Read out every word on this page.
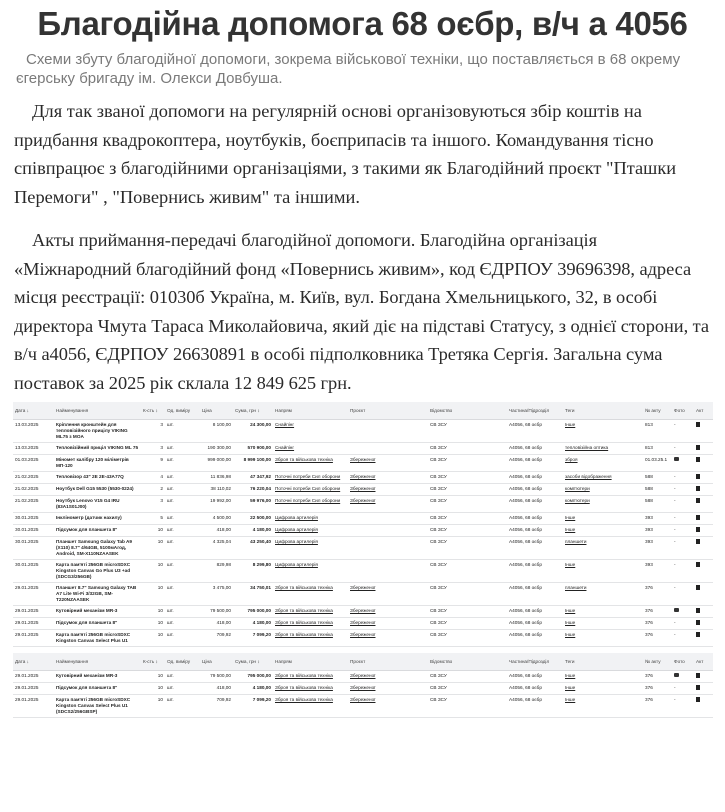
Благодійна допомога 68 оєбр, в/ч а 4056
Схеми збуту благодійної допомоги, зокрема військової техніки, що поставляється в 68 окрему єгерську бригаду ім. Олекси Довбуша.

Для так званої допомоги на регулярній основі організовуються збір коштів на придбання квадрокоптера, ноутбуків, боєприпасів та іншого. Командування тісно співпрацює з благодійними організаціями, з такими як Благодійний проєкт "Пташки Перемоги" , "Повернись живим" та іншими.

Акты приймання-передачі благодійної допомоги. Благодійна організація «Міжнародний благодійний фонд «Повернись живим», код ЄДРПОУ 39696398, адреса місця реєстрації: 01030б Україна, м. Київ, вул. Богдана Хмельницького, 32, в особі директора Чмута Тараса Миколайовича, який діє на підставі Статусу, з однієї сторони, та в/ч а4056, ЄДРПОУ 26630891 в особі підполковника Третяка Сергія. Загальна сума поставок за 2025 рік склала 12 849 625 грн.

Дата ↓	Найменування	К-сть ↕	Од. виміру	Ціна	Сума, грн ↕	Напрям	Проєкт	Відомство	Частина/Підрозділ	Теги	№ акту	Фото	Акт
13.03.2025	Кріплення кронштейн для тепловізійного прицілу VIKING ML75 з MOA	3	шт.	8 100,00	24 300,00	Снайпінг		СВ ЗСУ	А4056, 68 оєбр	Інше	813	-	
13.03.2025	Тепловізійний приціл VIKING ML 75	3	шт.	190 300,00	570 900,00	Снайпінг		СВ ЗСУ	А4056, 68 оєбр	тепловізійна оптика	813	-	
01.03.2025	Міномет калібру 120 міліметрів МП-120	9	шт.	999 000,00	8 999 100,00	Зброя та військова техніка	Збереженої	СВ ЗСУ	А4056, 68 оєбр	зброя	01.03.25.1		
21.02.2025	Тепловізор 43" 2Е 2Е-43А77Q	4	шт.	11 836,98	47 347,92	Поточні потреби Сил оборони	Збереженої	СВ ЗСУ	А4056, 68 оєбр	засоби відображення	588	-	
21.02.2025	Ноутбук Dell G15 5530 (5530-0224)	2	шт.	38 110,02	76 220,04	Поточні потреби Сил оборони	Збереженої	СВ ЗСУ	А4056, 68 оєбр	комп'ютери	588	-	
21.02.2025	Ноутбук Lenovo V15 G4 IRU (83A1S01J00)	3	шт.	19 992,00	59 976,00	Поточні потреби Сил оборони	Збереженої	СВ ЗСУ	А4056, 68 оєбр	комп'ютери	588	-	
30.01.2025	Інклінометр (датчик нахилу)	5	шт.	4 500,00	22 500,00	Цифрова артилерія		СВ ЗСУ	А4056, 68 оєбр	Інше	393	-	
30.01.2025	Підсумок для планшета 8"	10	шт.	418,00	4 180,00	Цифрова артилерія		СВ ЗСУ	А4056, 68 оєбр	Інше	393	-	
30.01.2025	Планшет Samsung Galaxy Tab A9 (X110) 8.7" 4/64GB, 5100мАгод, Android, SM-X110NZAASEK	10	шт.	4 325,04	43 250,40	Цифрова артилерія		СВ ЗСУ	А4056, 68 оєбр	планшети	393	-	
30.01.2025	Карта пам'яті 256GB microSDXC Kingston Canvas Go Plus U3 +ad (SDCG3/256GB)	10	шт.	829,98	8 299,80	Цифрова артилерія		СВ ЗСУ	А4056, 68 оєбр	Інше	393	-	
29.01.2025	Планшет 8.7" Samsung Galaxy TAB A7 Lite Wi-Fi 3/32GB, SM-T220NZAASEK	10	шт.	3 475,00	34 750,01	Зброя та військова техніка	Збереженої	СВ ЗСУ	А4056, 68 оєбр	планшети	376	-	
29.01.2025	Кутовірний механізм МR-3	10	шт.	79 500,00	795 000,00	Зброя та військова техніка	Збереженої	СВ ЗСУ	А4056, 68 оєбр	Інше	376		
29.01.2025	Підсумок для планшета 8"	10	шт.	418,00	4 180,00	Зброя та військова техніка	Збереженої	СВ ЗСУ	А4056, 68 оєбр	Інше	376	-	
29.01.2025	Карта пам'яті 256GB microSDXC Kingston Canvas Select Plus U1	10	шт.	709,92	7 099,20	Зброя та військова техніка	Збереженої	СВ ЗСУ	А4056, 68 оєбр	Інше	376	-	
Дата ↓	Найменування	К-сть ↕	Од. виміру	Ціна	Сума, грн ↕	Напрям	Проєкт	Відомство	Частина/Підрозділ	Теги	№ акту	Фото	Акт
29.01.2025	Кутовірний механізм МR-3	10	шт.	79 500,00	795 000,00	Зброя та військова техніка	Збереженої	СВ ЗСУ	А4056, 68 оєбр	Інше	376		
29.01.2025	Підсумок для планшета 8"	10	шт.	418,00	4 180,00	Зброя та військова техніка	Збереженої	СВ ЗСУ	А4056, 68 оєбр	Інше	376	-	
29.01.2025	Карта пам'яті 256GB microSDXC Kingston Canvas Select Plus U1 (SDCS2/256GBSP)	10	шт.	709,92	7 099,20	Зброя та військова техніка	Збереженої	СВ ЗСУ	А4056, 68 оєбр	Інше	376	-	
